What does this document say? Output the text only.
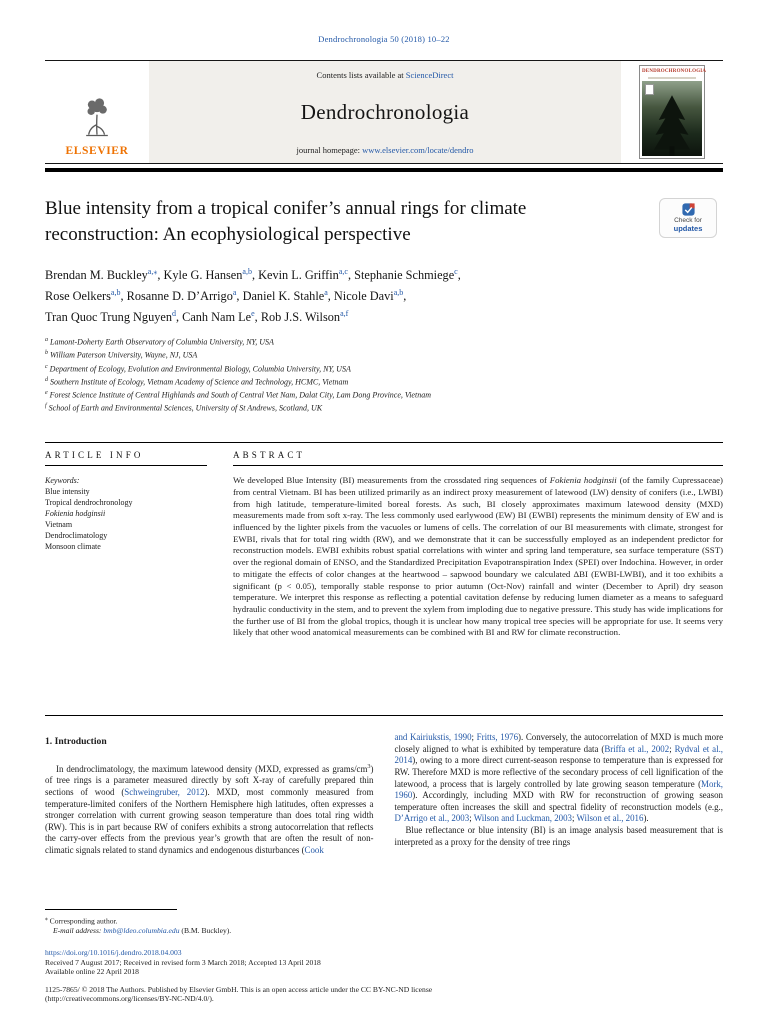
Dendrochronologia 50 (2018) 10–22
ELSEVIER
Contents lists available at ScienceDirect
Dendrochronologia
journal homepage: www.elsevier.com/locate/dendro
DENDROCHRONOLOGIA
Blue intensity from a tropical conifer’s annual rings for climate
reconstruction: An ecophysiological perspective
Check for
updates
Brendan M. Buckley$^{a,⁎}$, Kyle G. Hansen$^{a,b}$, Kevin L. Griffin$^{a,c}$, Stephanie Schmiege$^c$,
Rose Oelkers$^{a,b}$, Rosanne D. D’Arrigo$^a$, Daniel K. Stahle$^a$, Nicole Davi$^{a,b}$,
Tran Quoc Trung Nguyen$^d$, Canh Nam Le$^e$, Rob J.S. Wilson$^{a,f}$
$^a$ Lamont-Doherty Earth Observatory of Columbia University, NY, USA
$^b$ William Paterson University, Wayne, NJ, USA
$^c$ Department of Ecology, Evolution and Environmental Biology, Columbia University, NY, USA
$^d$ Southern Institute of Ecology, Vietnam Academy of Science and Technology, HCMC, Vietnam
$^e$ Forest Science Institute of Central Highlands and South of Central Viet Nam, Dalat City, Lam Dong Province, Vietnam
$^f$ School of Earth and Environmental Sciences, University of St Andrews, Scotland, UK
ARTICLE INFO
Keywords:
Blue intensity
Tropical dendrochronology
Fokienia hodginsii
Vietnam
Dendroclimatology
Monsoon climate
ABSTRACT

We developed Blue Intensity (BI) measurements from the crossdated ring sequences of Fokienia hodginsii (of the family Cupressaceae) from central Vietnam. BI has been utilized primarily as an indirect proxy measurement of latewood (LW) density of conifers (i.e., LWBI) from high latitude, temperature-limited boreal forests. As such, BI closely approximates maximum latewood density (MXD) measurements made from soft x-ray. The less commonly used earlywood (EW) BI (EWBI) represents the minimum density of EW and is influenced by the lighter pixels from the vacuoles or lumens of cells. The correlation of our BI measurements with climate, strongest for EWBI, rivals that for total ring width (RW), and we demonstrate that it can be successfully employed as an independent predictor for reconstruction models. EWBI exhibits robust spatial correlations with winter and spring land temperature, sea surface temperature (SST) over the regional domain of ENSO, and the Standardized Precipitation Evapotranspiration Index (SPEI) over Indochina. However, in order to mitigate the effects of color changes at the heartwood – sapwood boundary we calculated ΔBI (EWBI-LWBI), and it too exhibits a significant (p < 0.05), temporally stable response to prior autumn (Oct-Nov) rainfall and winter (December to April) dry season temperature. We interpret this response as reflecting a potential cavitation defense by reducing lumen diameter as a means to safeguard hydraulic conductivity in the stem, and to prevent the xylem from imploding due to negative pressure. This study has wide implications for the further use of BI from the global tropics, though it is unclear how many tropical tree species will be appropriate for use. It seems very likely that other wood anatomical measurements can be combined with BI and RW for climate reconstruction.

1. Introduction

In dendroclimatology, the maximum latewood density (MXD, expressed as grams/$cm^3$) of tree rings is a parameter measured directly by soft X-ray of carefully prepared thin sections of wood (Schweingruber, 2012). MXD, most commonly measured from temperature-limited conifers of the Northern Hemisphere high latitudes, often expresses a stronger correlation with current growing season temperature than does total ring width (RW). This is in part because RW of conifers exhibits a strong autocorrelation that reflects the carry-over effects from the previous year’s growth that are often the result of non-climatic signals related to stand dynamics and endogenous disturbances (Cook

and Kairiukstis, 1990; Fritts, 1976). Conversely, the autocorrelation of MXD is much more closely aligned to what is exhibited by temperature data (Briffa et al., 2002; Rydval et al., 2014), owing to a more direct current-season response to temperature than is expressed for RW. Therefore MXD is more reflective of the secondary process of cell lignification of the latewood, a process that is largely controlled by late growing season temperature (Mork, 1960). Accordingly, including MXD with RW for reconstruction of growing season temperature often increases the skill and spectral fidelity of reconstruction models (e.g., D’Arrigo et al., 2003; Wilson and Luckman, 2003; Wilson et al., 2016).

Blue reflectance or blue intensity (BI) is an image analysis based measurement that is interpreted as a proxy for the density of tree rings

⁎ Corresponding author.
E-mail address: bmb@ldeo.columbia.edu (B.M. Buckley).
https://doi.org/10.1016/j.dendro.2018.04.003
Received 7 August 2017; Received in revised form 3 March 2018; Accepted 13 April 2018
Available online 22 April 2018
1125-7865/ © 2018 The Authors. Published by Elsevier GmbH. This is an open access article under the CC BY-NC-ND license
(http://creativecommons.org/licenses/BY-NC-ND/4.0/).
